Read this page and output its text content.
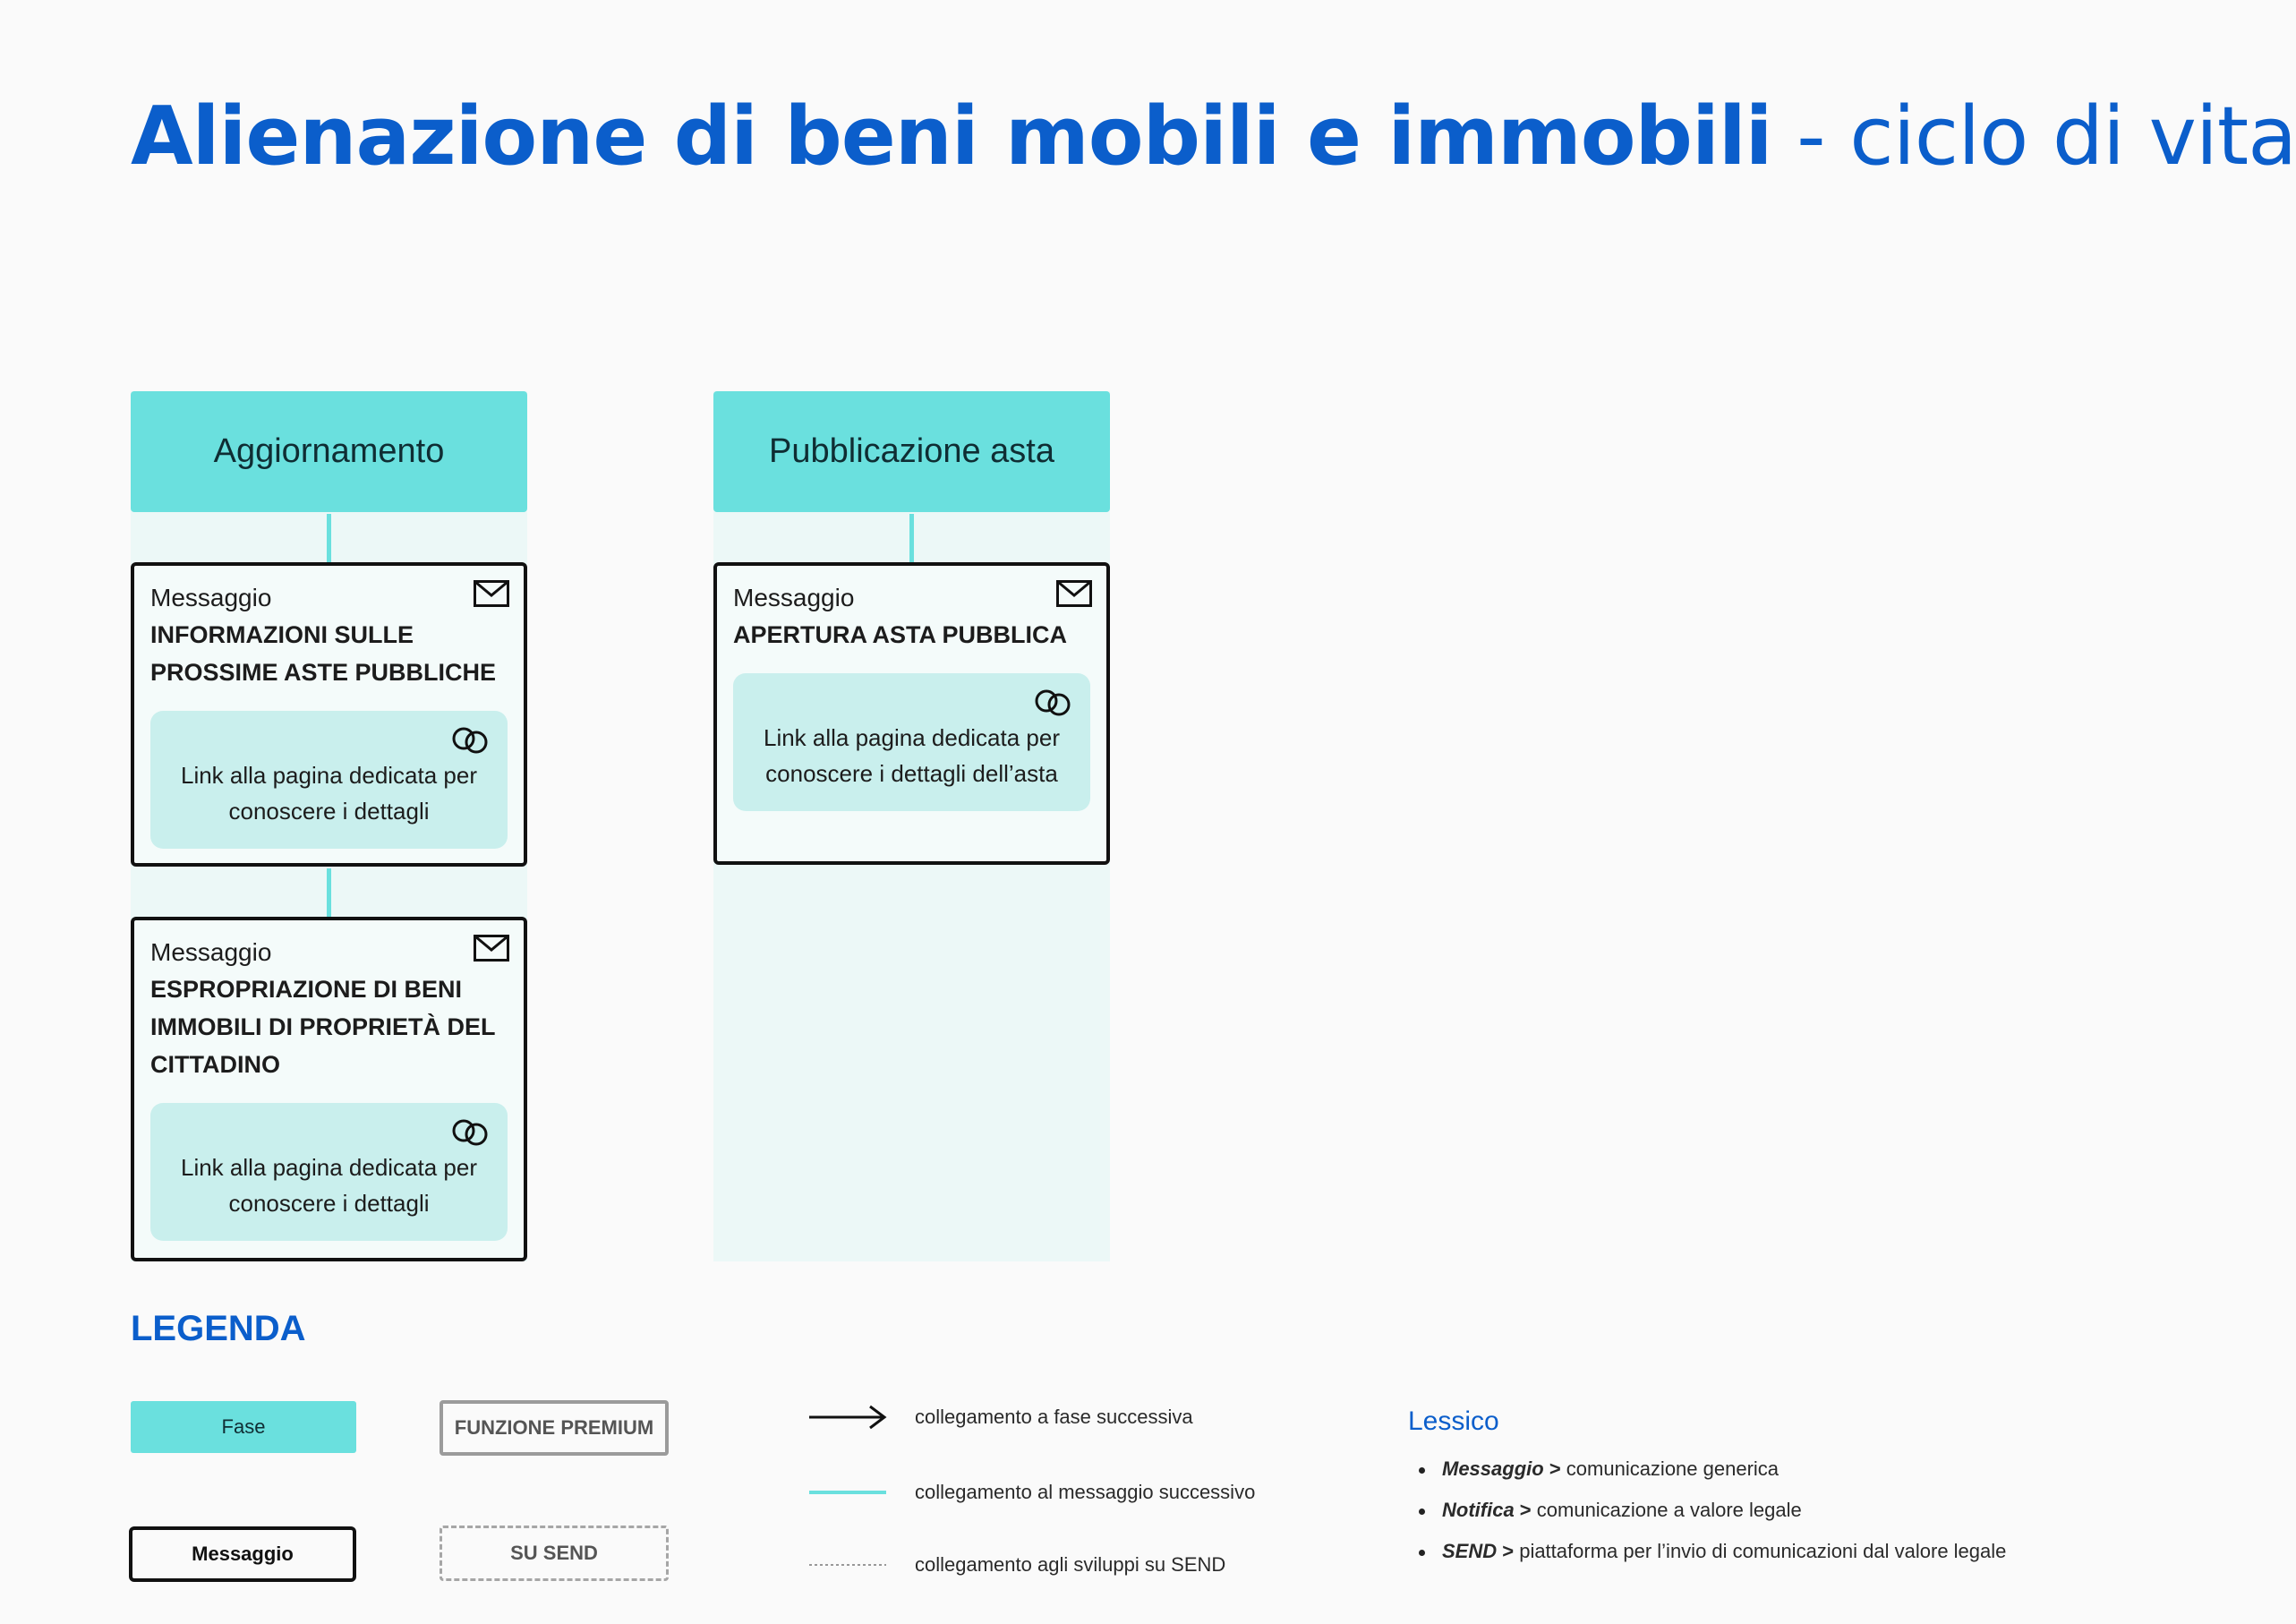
Alienazione di beni mobili e immobili - ciclo di vita
Aggiornamento
Messaggio
INFORMAZIONI SULLE PROSSIME ASTE PUBBLICHE
Link alla pagina dedicata per conoscere i dettagli
Messaggio
ESPROPRIAZIONE DI BENI IMMOBILI DI PROPRIETÀ DEL CITTADINO
Link alla pagina dedicata per conoscere i dettagli
Pubblicazione asta
Messaggio
APERTURA ASTA PUBBLICA
Link alla pagina dedicata per conoscere i dettagli dell’asta
LEGENDA
Fase
Messaggio
FUNZIONE PREMIUM
SU SEND
collegamento a fase successiva
collegamento al messaggio successivo
collegamento agli sviluppi su SEND
Lessico
Messaggio > comunicazione generica
Notifica > comunicazione a valore legale
SEND > piattaforma per l’invio di comunicazioni dal valore legale
